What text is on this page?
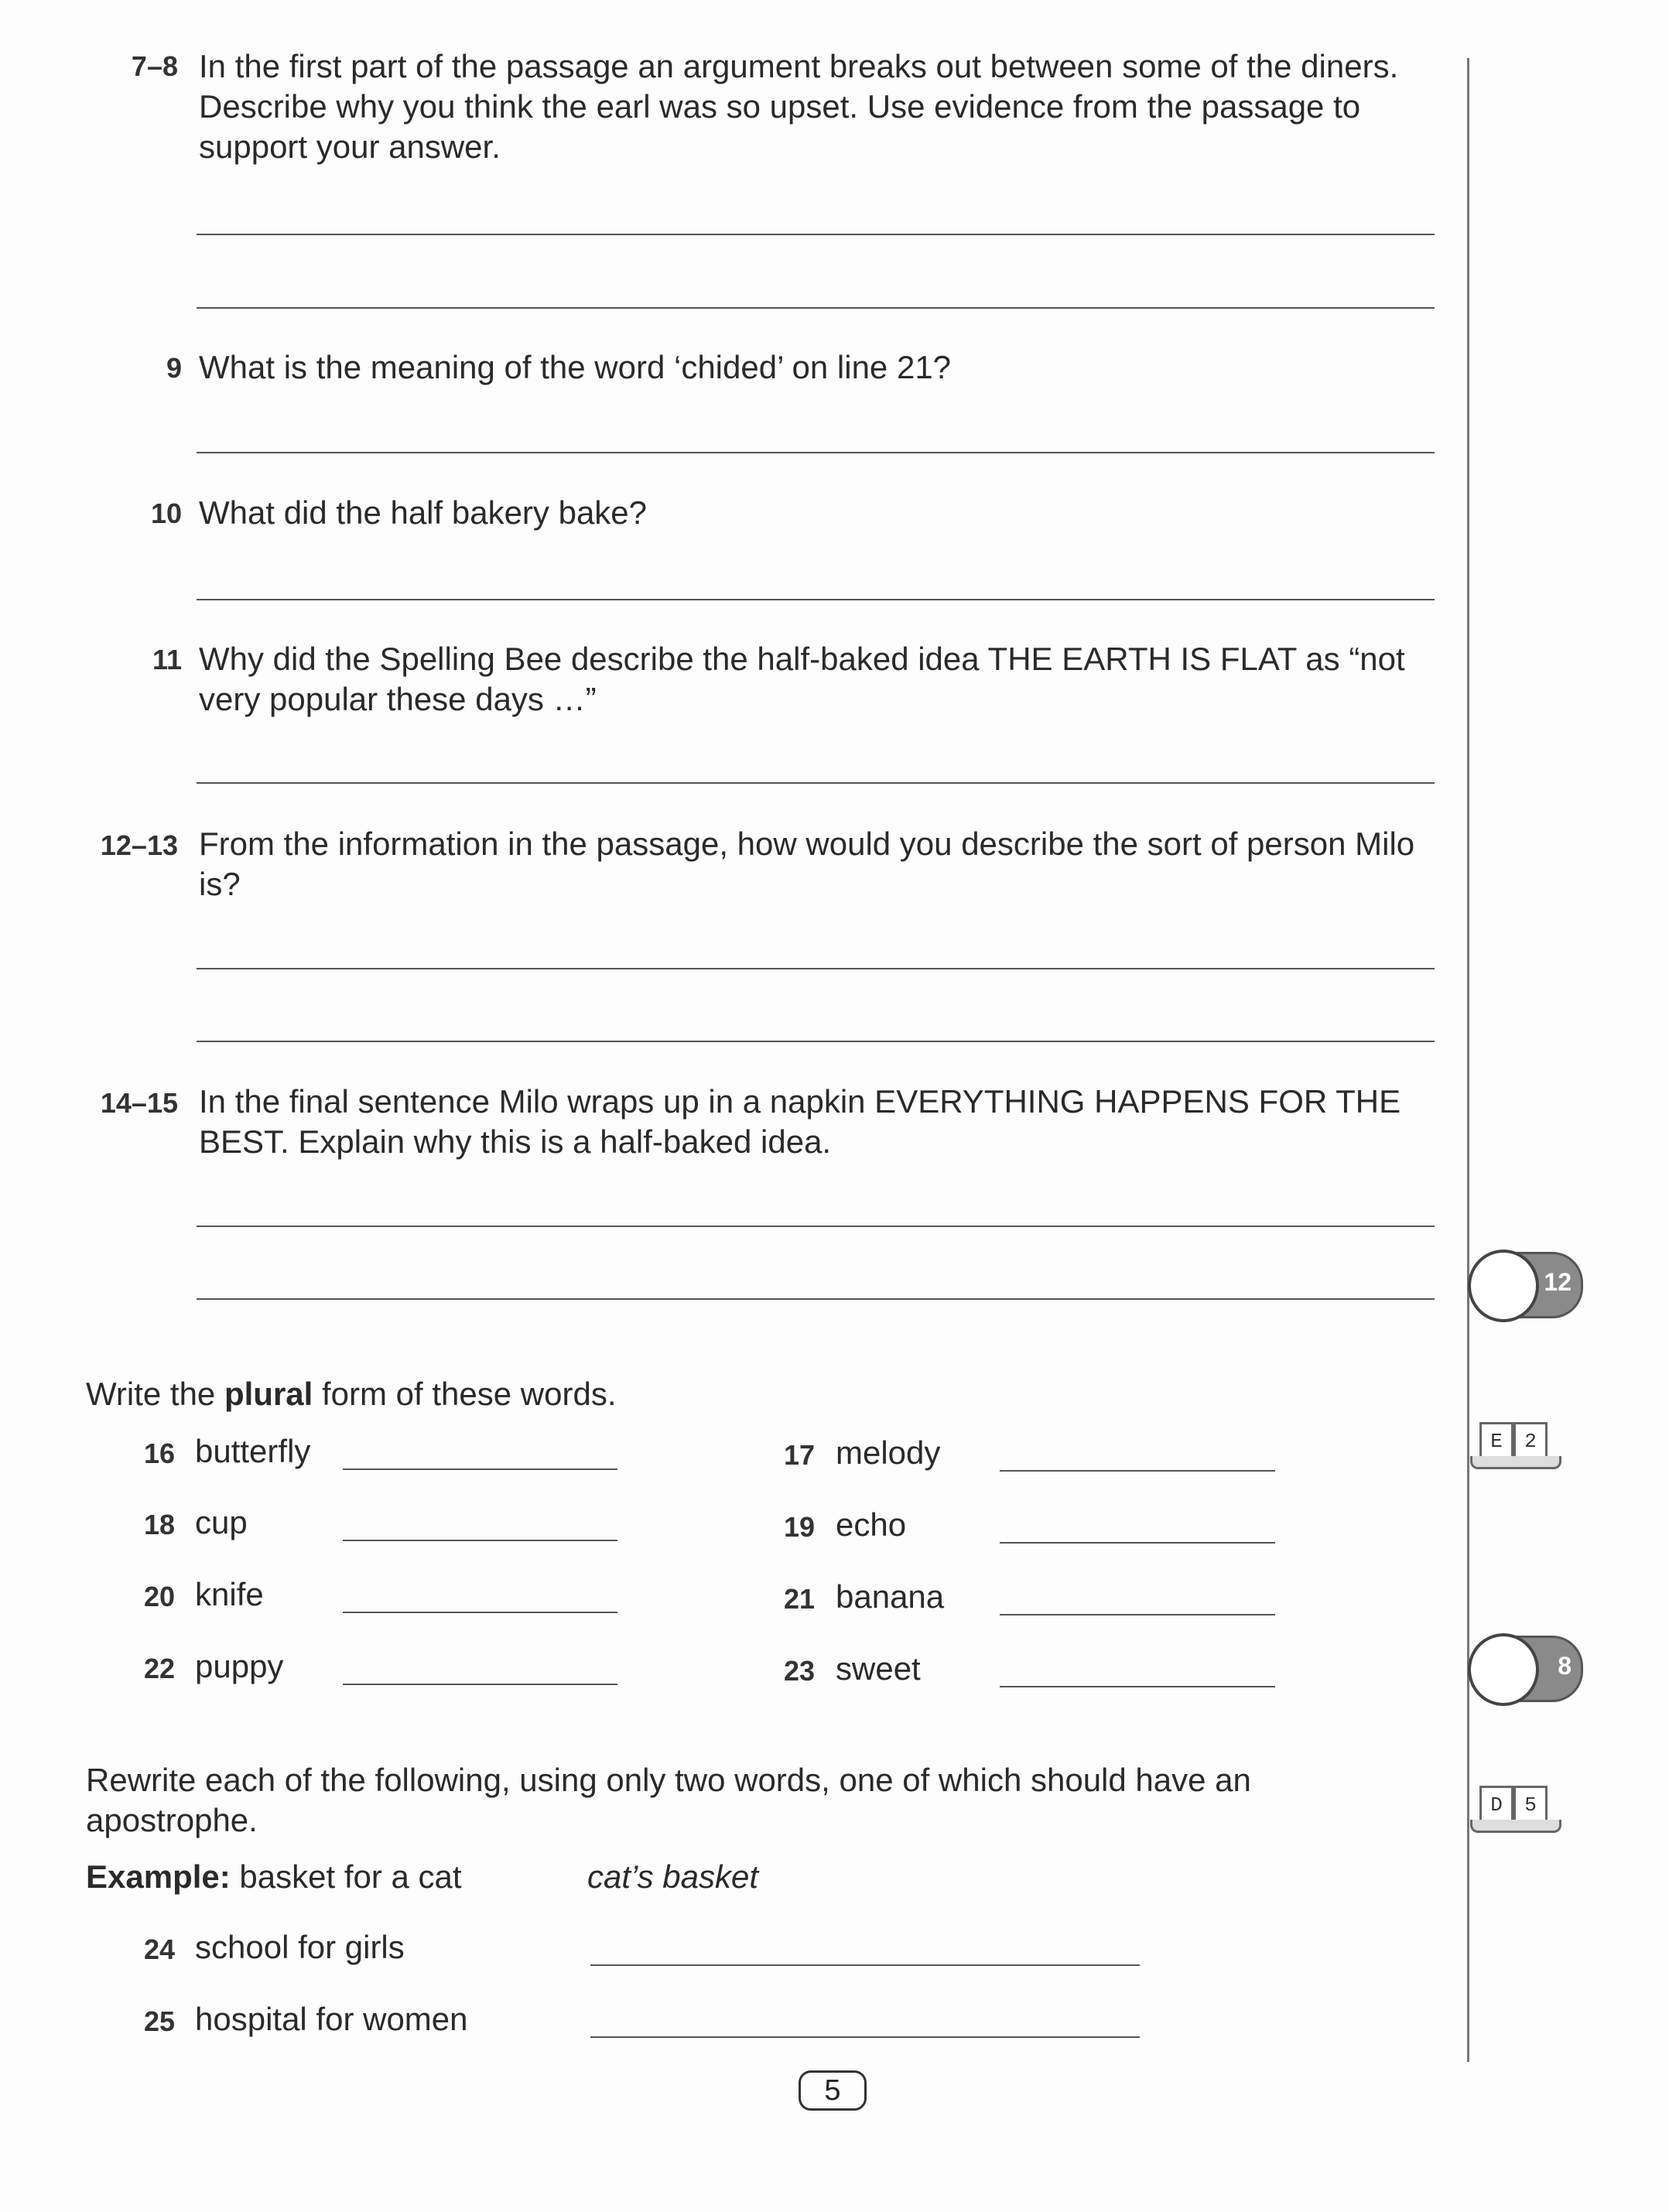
7–8 In the first part of the passage an argument breaks out between some of the diners. Describe why you think the earl was so upset. Use evidence from the passage to support your answer.
9 What is the meaning of the word ‘chided’ on line 21?
10 What did the half bakery bake?
11 Why did the Spelling Bee describe the half-baked idea THE EARTH IS FLAT as “not very popular these days …”
12–13 From the information in the passage, how would you describe the sort of person Milo is?
14–15 In the final sentence Milo wraps up in a napkin EVERYTHING HAPPENS FOR THE BEST. Explain why this is a half-baked idea.
Write the plural form of these words.
16 butterfly
18 cup
20 knife
22 puppy
17 melody
19 echo
21 banana
23 sweet
Rewrite each of the following, using only two words, one of which should have an apostrophe.
Example: basket for a cat	cat’s basket
24 school for girls
25 hospital for women
12
E	2
8
D	5
5
